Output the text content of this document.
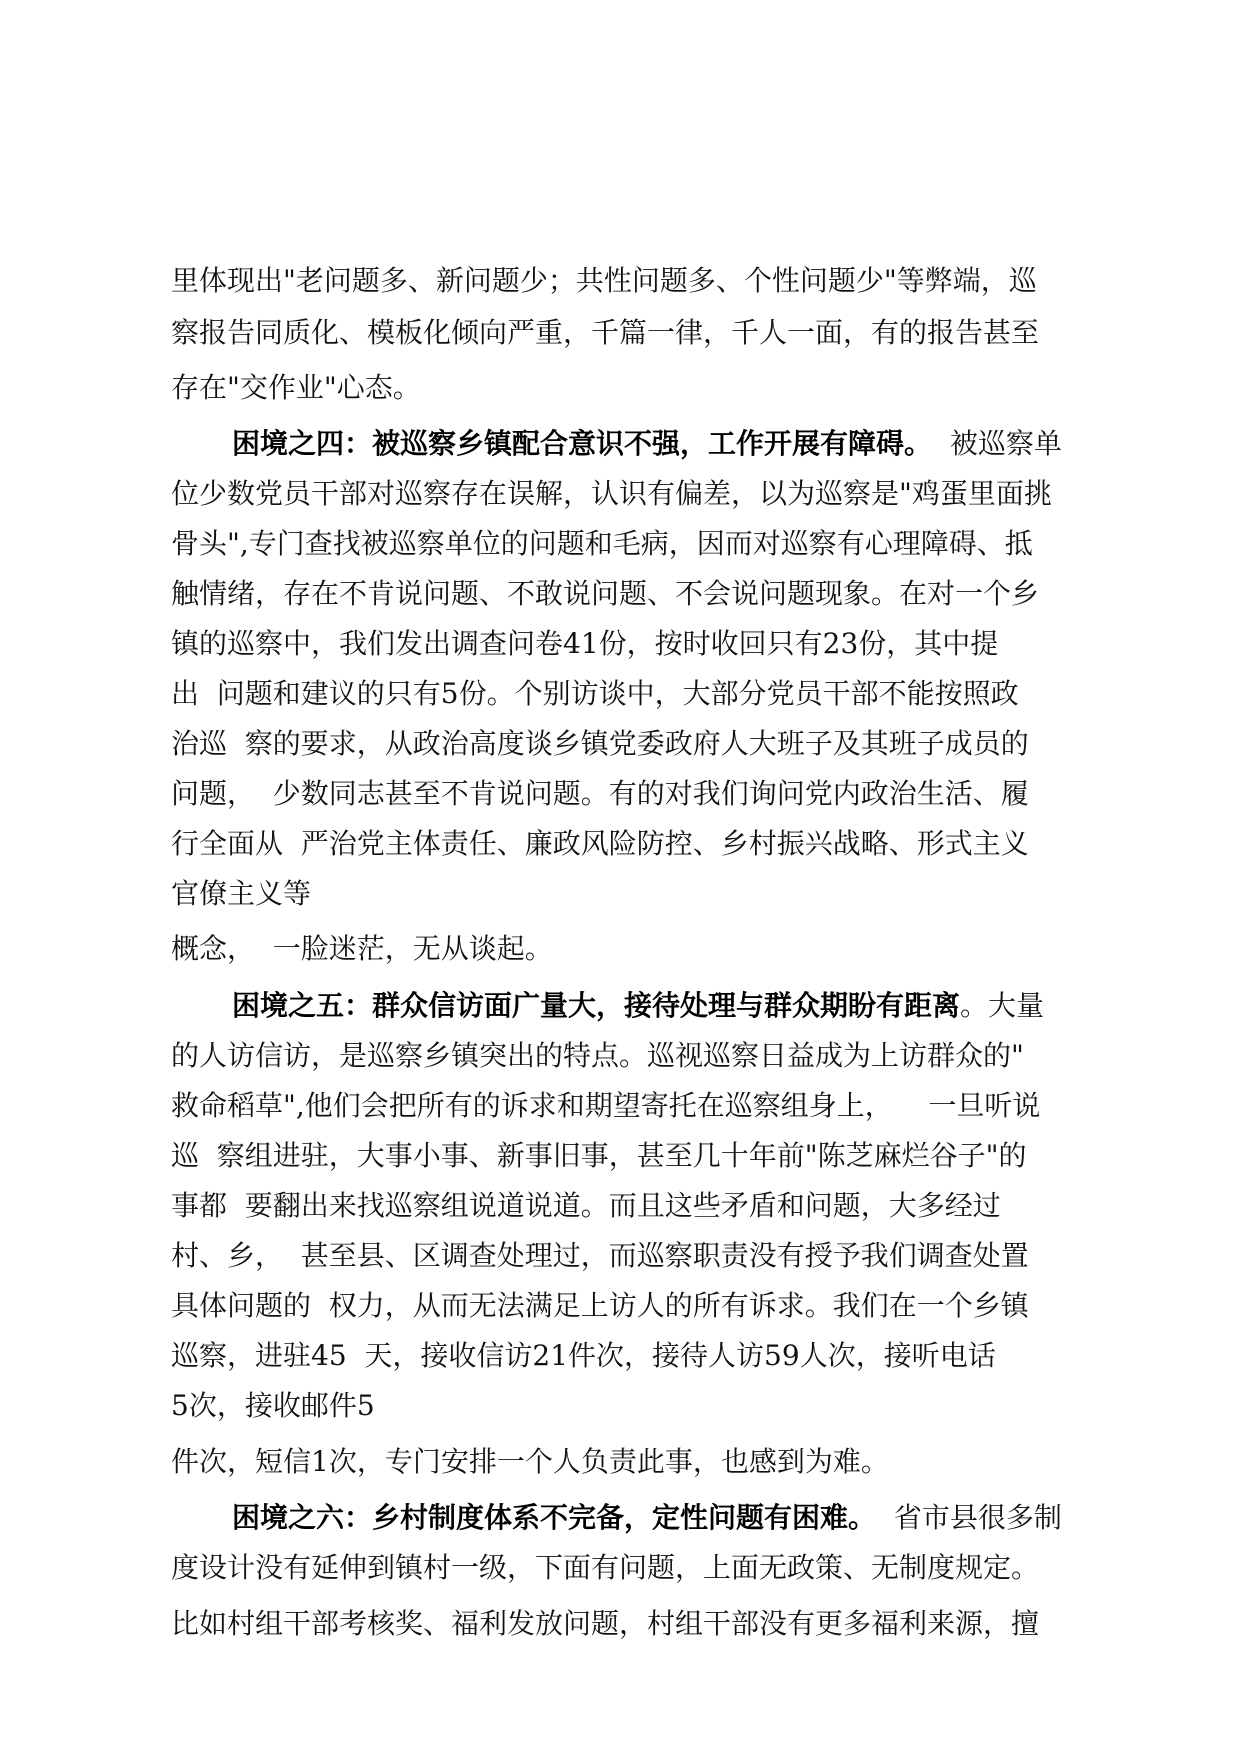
里体现出"老问题多、新问题少；共性问题多、个性问题少"等弊端，巡
察报告同质化、模板化倾向严重，千篇一律，千人一面，有的报告甚至
存在"交作业"心态。
困境之四：被巡察乡镇配合意识不强，工作开展有障碍。  被巡察单
位少数党员干部对巡察存在误解，认识有偏差，以为巡察是"鸡蛋里面挑
骨头",专门查找被巡察单位的问题和毛病，因而对巡察有心理障碍、抵
触情绪，存在不肯说问题、不敢说问题、不会说问题现象。在对一个乡
镇的巡察中，我们发出调查问卷41份，按时收回只有23份，其中提
出  问题和建议的只有5份。个别访谈中，大部分党员干部不能按照政
治巡  察的要求，从政治高度谈乡镇党委政府人大班子及其班子成员的
问题，  少数同志甚至不肯说问题。有的对我们询问党内政治生活、履
行全面从  严治党主体责任、廉政风险防控、乡村振兴战略、形式主义
官僚主义等
概念，  一脸迷茫，无从谈起。
困境之五：群众信访面广量大，接待处理与群众期盼有距离。大量
的人访信访，是巡察乡镇突出的特点。巡视巡察日益成为上访群众的"
救命稻草",他们会把所有的诉求和期望寄托在巡察组身上，    一旦听说
巡  察组进驻，大事小事、新事旧事，甚至几十年前"陈芝麻烂谷子"的
事都  要翻出来找巡察组说道说道。而且这些矛盾和问题，大多经过
村、乡，  甚至县、区调查处理过，而巡察职责没有授予我们调查处置
具体问题的  权力，从而无法满足上访人的所有诉求。我们在一个乡镇
巡察，进驻45  天，接收信访21件次，接待人访59人次，接听电话
5次，接收邮件5
件次，短信1次，专门安排一个人负责此事，也感到为难。
困境之六：乡村制度体系不完备，定性问题有困难。  省市县很多制
度设计没有延伸到镇村一级，下面有问题，上面无政策、无制度规定。
比如村组干部考核奖、福利发放问题，村组干部没有更多福利来源，擅
